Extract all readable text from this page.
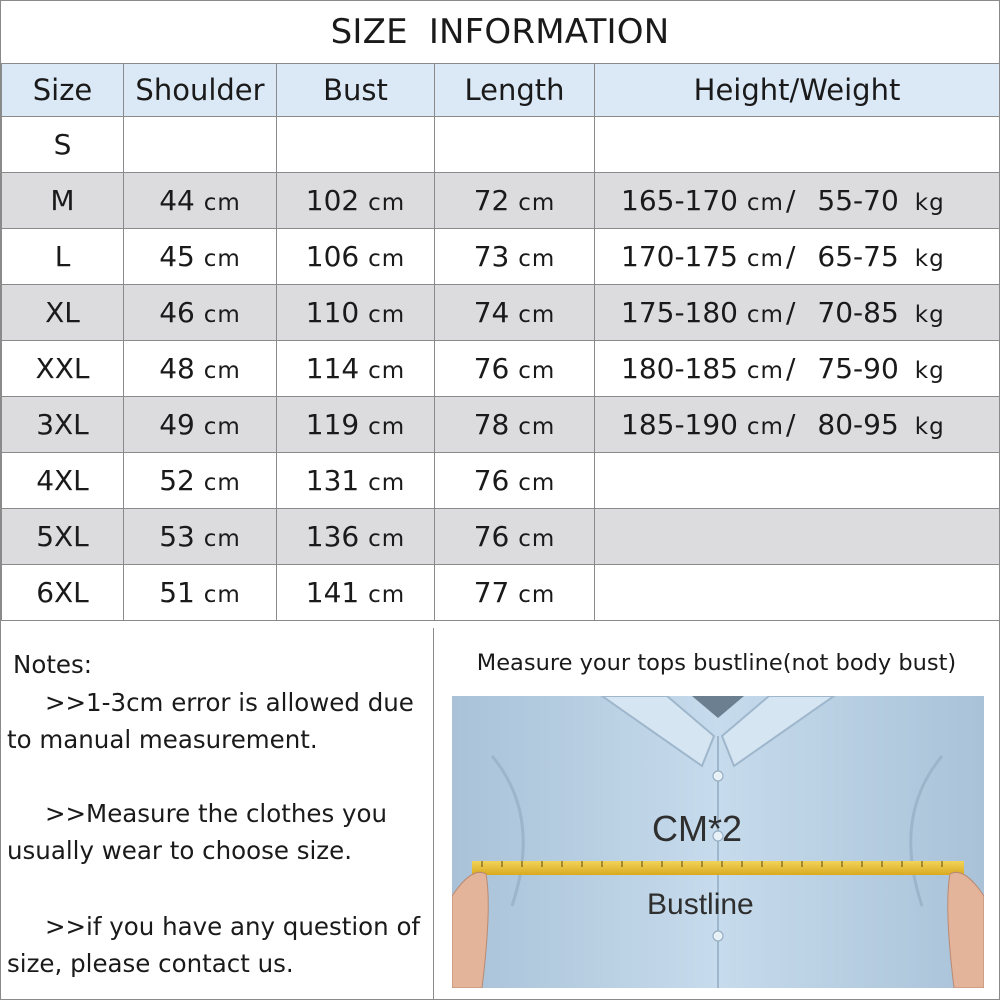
SIZE INFORMATION
Size	Shoulder	Bust	Length	Height/Weight
S				
M	44 cm	102 cm	72 cm	165-170 cm/ 55-70 kg
L	45 cm	106 cm	73 cm	170-175 cm/ 65-75 kg
XL	46 cm	110 cm	74 cm	175-180 cm/ 70-85 kg
XXL	48 cm	114 cm	76 cm	180-185 cm/ 75-90 kg
3XL	49 cm	119 cm	78 cm	185-190 cm/ 80-95 kg
4XL	52 cm	131 cm	76 cm	
5XL	53 cm	136 cm	76 cm	
6XL	51 cm	141 cm	77 cm	
Notes:
>>1-3cm error is allowed due to manual measurement.
>>Measure the clothes you usually wear to choose size.
>>if you have any question of size, please contact us.
Measure your tops bustline(not body bust)
CM*2
Bustline
